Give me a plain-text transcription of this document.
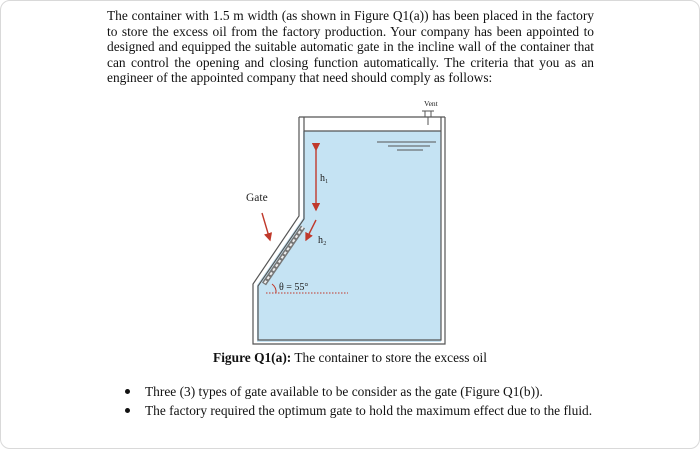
The container with 1.5 m width (as shown in Figure Q1(a)) has been placed in the factory to store the excess oil from the factory production. Your company has been appointed to designed and equipped the suitable automatic gate in the incline wall of the container that can control the opening and closing function automatically. The criteria that you as an engineer of the appointed company that need should comply as follows:

Vent
h₁
h₂
Gate
θ = 55°
Figure Q1(a): The container to store the excess oil
Three (3) types of gate available to be consider as the gate (Figure Q1(b)).
The factory required the optimum gate to hold the maximum effect due to the fluid.
